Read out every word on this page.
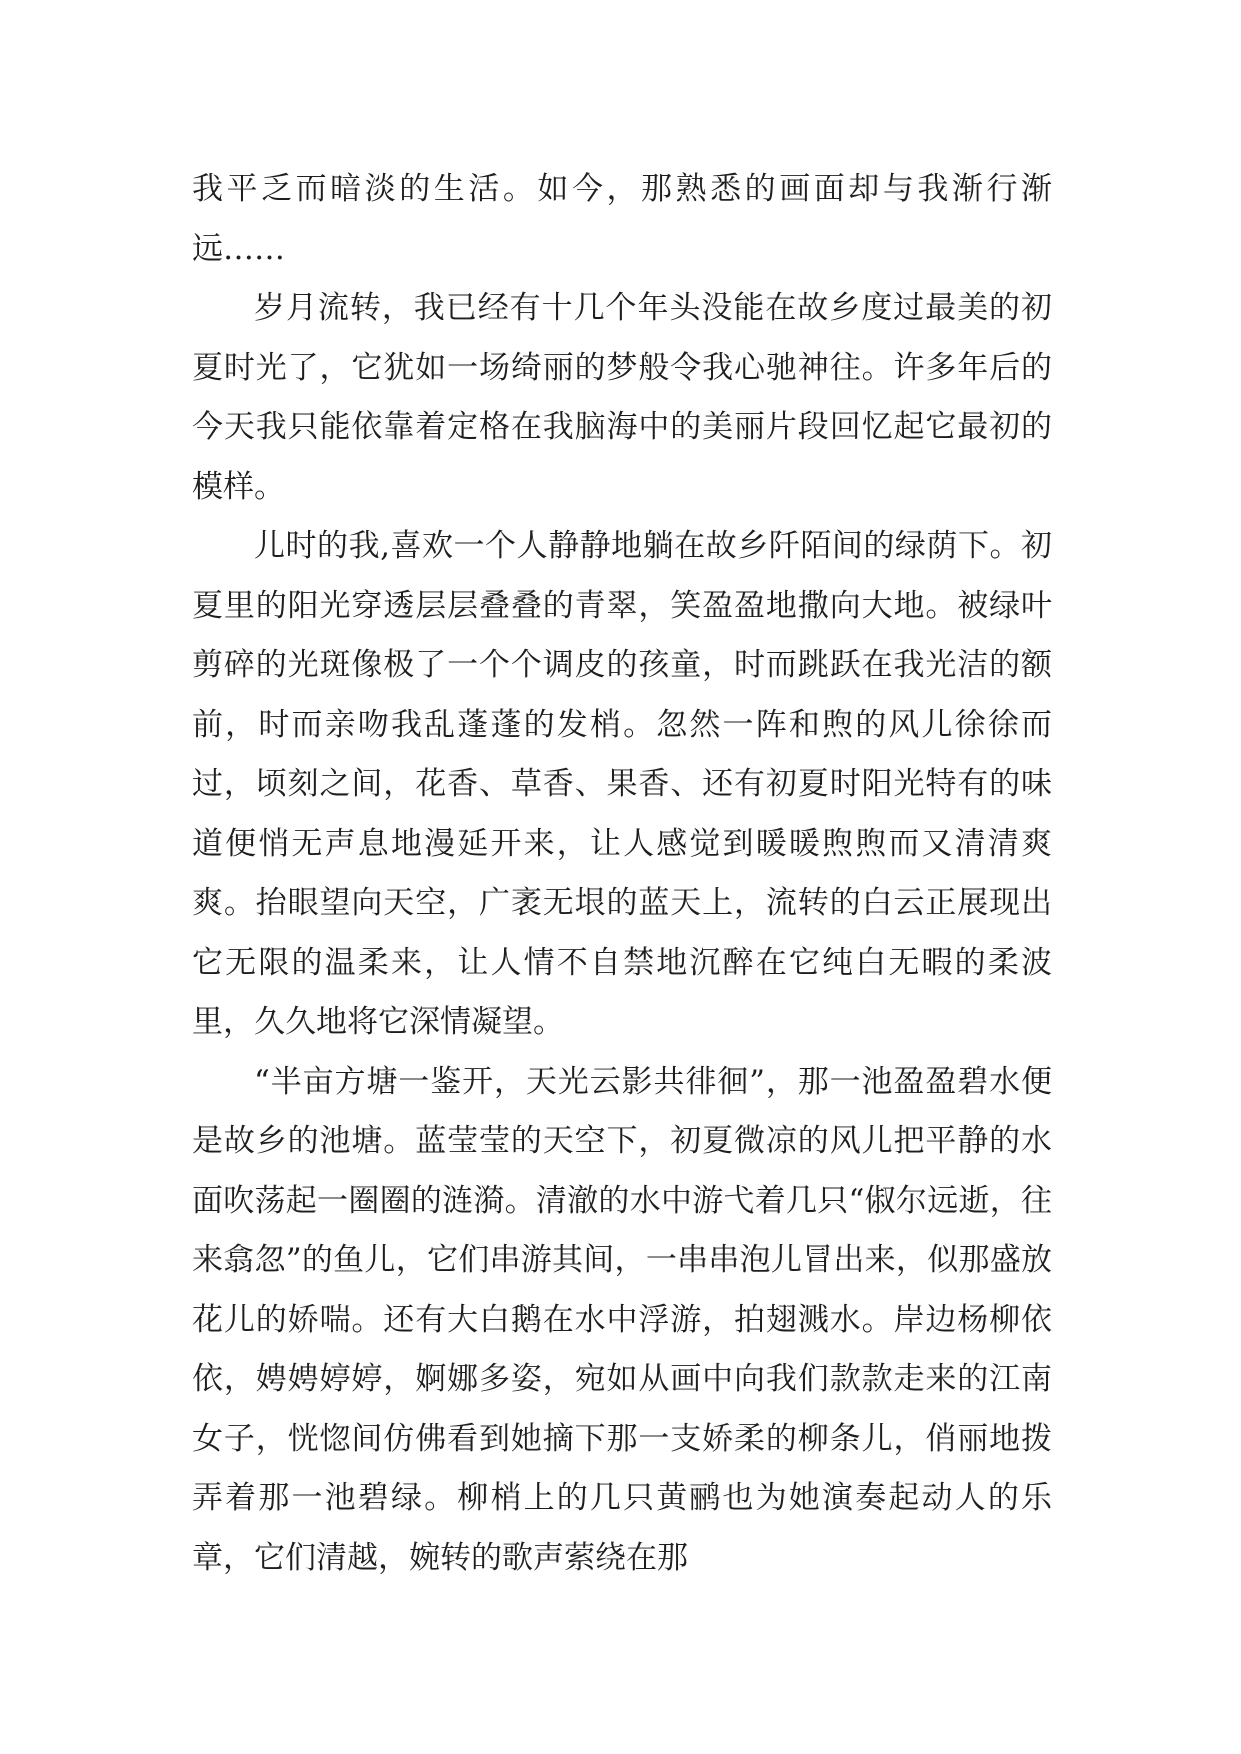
我平乏而暗淡的生活。如今，那熟悉的画面却与我渐行渐远……

岁月流转，我已经有十几个年头没能在故乡度过最美的初夏时光了，它犹如一场绮丽的梦般令我心驰神往。许多年后的今天我只能依靠着定格在我脑海中的美丽片段回忆起它最初的模样。

儿时的我,喜欢一个人静静地躺在故乡阡陌间的绿荫下。初夏里的阳光穿透层层叠叠的青翠，笑盈盈地撒向大地。被绿叶剪碎的光斑像极了一个个调皮的孩童，时而跳跃在我光洁的额前，时而亲吻我乱蓬蓬的发梢。忽然一阵和煦的风儿徐徐而过，顷刻之间，花香、草香、果香、还有初夏时阳光特有的味道便悄无声息地漫延开来，让人感觉到暖暖煦煦而又清清爽爽。抬眼望向天空，广袤无垠的蓝天上，流转的白云正展现出它无限的温柔来，让人情不自禁地沉醉在它纯白无暇的柔波里，久久地将它深情凝望。

“半亩方塘一鉴开，天光云影共徘徊”，那一池盈盈碧水便是故乡的池塘。蓝莹莹的天空下，初夏微凉的风儿把平静的水面吹荡起一圈圈的涟漪。清澈的水中游弋着几只“俶尔远逝，往来翕忽”的鱼儿，它们串游其间，一串串泡儿冒出来，似那盛放花儿的娇喘。还有大白鹅在水中浮游，拍翅溅水。岸边杨柳依依，娉娉婷婷，婀娜多姿，宛如从画中向我们款款走来的江南女子，恍惚间仿佛看到她摘下那一支娇柔的柳条儿，俏丽地拨弄着那一池碧绿。柳梢上的几只黄鹂也为她演奏起动人的乐章，它们清越，婉转的歌声萦绕在那
